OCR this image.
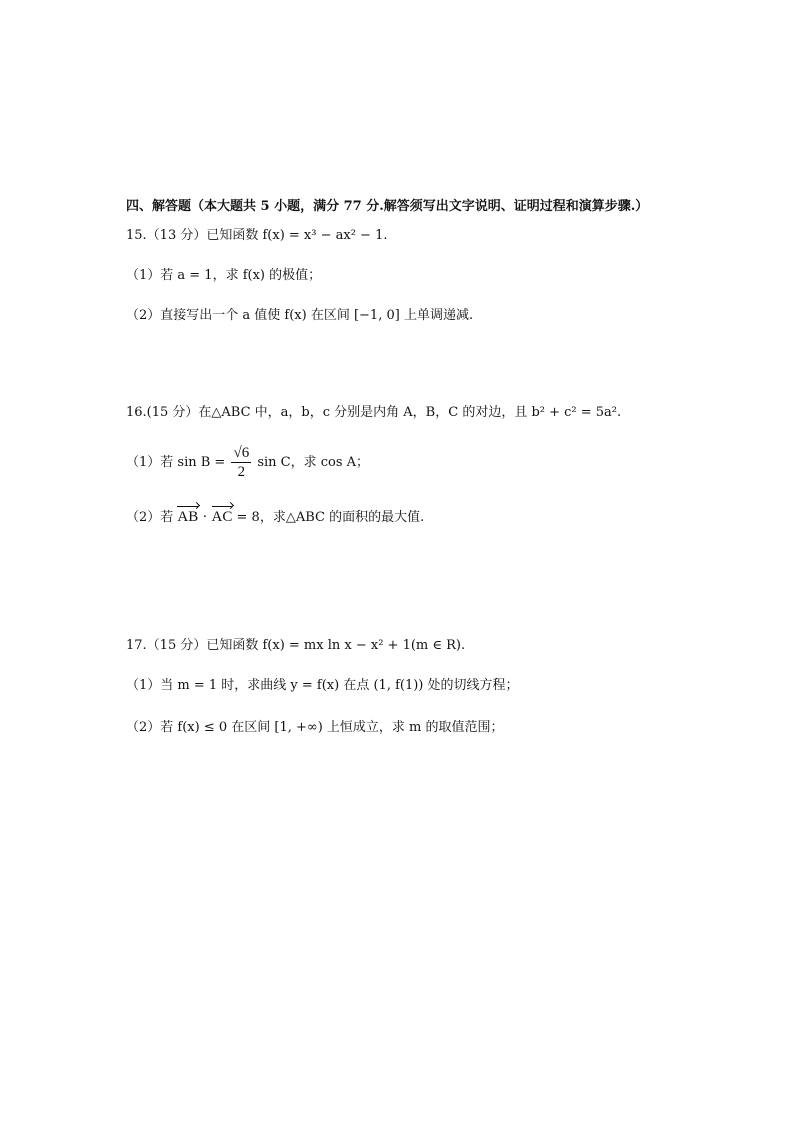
四、解答题（本大题共 5 小题，满分 77 分.解答须写出文字说明、证明过程和演算步骤.）
15.（13 分）已知函数 f(x) = x³ − ax² − 1.
（1）若 a = 1，求 f(x) 的极值；
（2）直接写出一个 a 值使 f(x) 在区间 [−1, 0] 上单调递减.
16.(15 分）在△ABC 中，a，b，c 分别是内角 A，B，C 的对边，且 b² + c² = 5a².
（1）若 $\sin B = \frac{√6}{2}$ sin C，求 cos A；
（2）若 AB · AC = 8，求△ABC 的面积的最大值.
17.（15 分）已知函数 f(x) = mx ln x − x² + 1(m ∈ R).
（1）当 m = 1 时，求曲线 y = f(x) 在点 (1, f(1)) 处的切线方程；
（2）若 f(x) ≤ 0 在区间 [1, +∞) 上恒成立，求 m 的取值范围；
